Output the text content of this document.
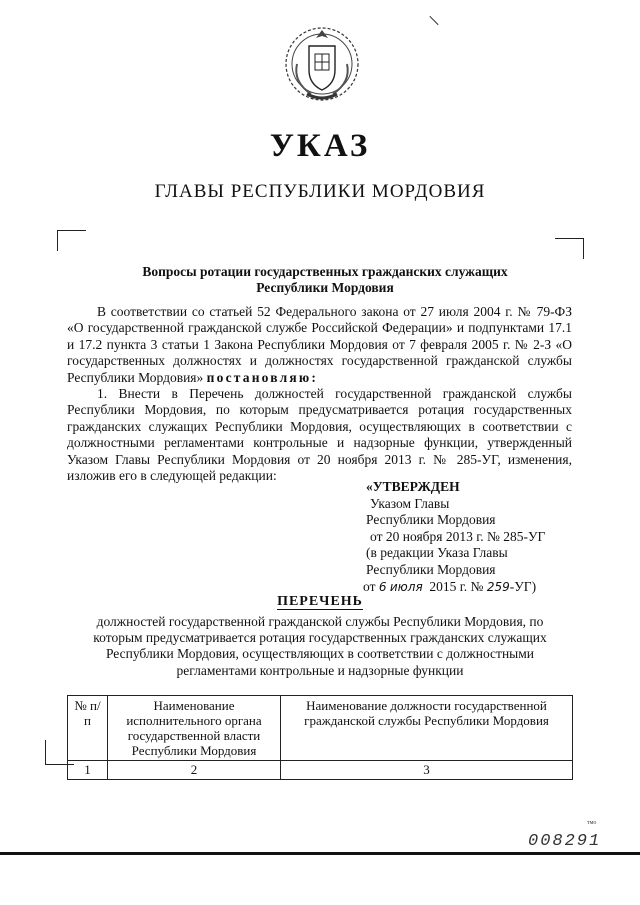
УКАЗ
ГЛАВЫ РЕСПУБЛИКИ МОРДОВИЯ
Вопросы ротации государственных гражданских служащих
Республики Мордовия
В соответствии со статьей 52 Федерального закона от 27 июля 2004 г. № 79-ФЗ «О государственной гражданской службе Российской Федерации» и подпунктами 17.1 и 17.2 пункта 3 статьи 1 Закона Республики Мордовия от 7 февраля 2005 г. № 2-З «О государственных должностях и должностях государственной гражданской службы Республики Мордовия» постановляю:
1. Внести в Перечень должностей государственной гражданской службы Республики Мордовия, по которым предусматривается ротация государственных гражданских служащих Республики Мордовия, осуществляющих в соответствии с должностными регламентами контрольные и надзорные функции, утвержденный Указом Главы Республики Мордовия от 20 ноября 2013 г. № 285-УГ, изменения, изложив его в следующей редакции:
«УТВЕРЖДЕН
Указом Главы
Республики Мордовия
от 20 ноября 2013 г. № 285-УГ
(в редакции Указа Главы
Республики Мордовия
от 6 июля 2015 г. № 259-УГ)
ПЕРЕЧЕНЬ
должностей государственной гражданской службы Республики Мордовия, по которым предусматривается ротация государственных гражданских служащих Республики Мордовия, осуществляющих в соответствии с должностными регламентами контрольные и надзорные функции
№ п/п	Наименование исполнительного органа государственной власти Республики Мордовия	Наименование должности государственной гражданской службы Республики Мордовия
1	2	3
тмо
008291
